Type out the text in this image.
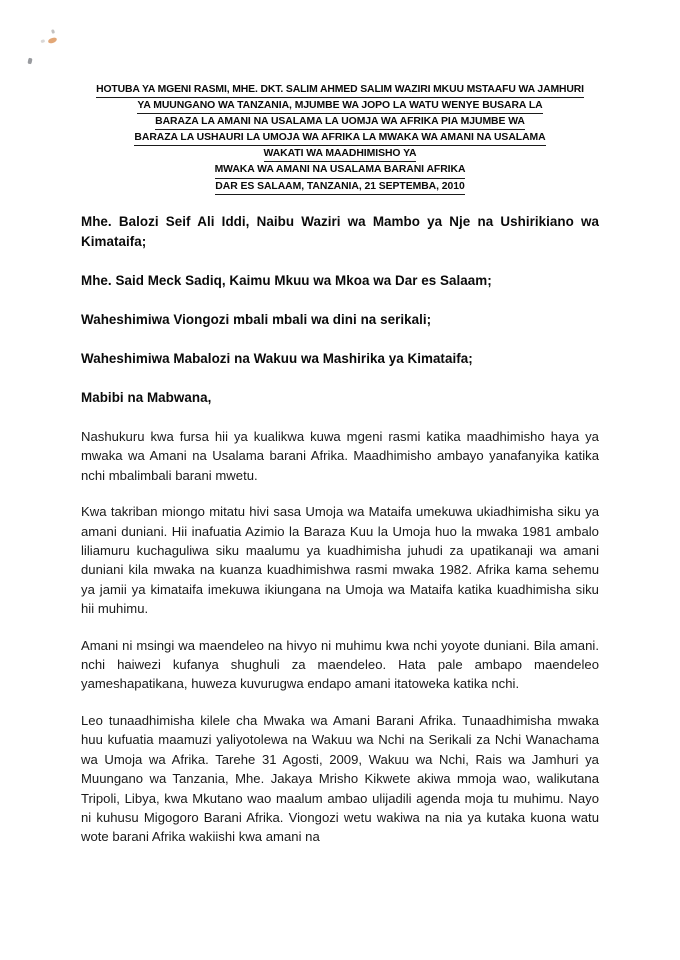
HOTUBA YA MGENI RASMI, MHE. DKT. SALIM AHMED SALIM WAZIRI MKUU MSTAAFU WA JAMHURI
YA MUUNGANO WA TANZANIA, MJUMBE WA JOPO LA WATU WENYE BUSARA LA
BARAZA LA AMANI NA USALAMA LA UOMJA WA AFRIKA PIA MJUMBE WA
BARAZA LA USHAURI LA UMOJA WA AFRIKA LA MWAKA WA AMANI NA USALAMA
WAKATI WA MAADHIMISHO YA
MWAKA WA AMANI NA USALAMA BARANI AFRIKA
DAR ES SALAAM, TANZANIA, 21 SEPTEMBA, 2010

Mhe. Balozi Seif Ali Iddi, Naibu Waziri wa Mambo ya Nje na Ushirikiano wa Kimataifa;

Mhe. Said Meck Sadiq, Kaimu Mkuu wa Mkoa wa Dar es Salaam;

Waheshimiwa Viongozi mbali mbali wa dini na serikali;

Waheshimiwa Mabalozi na Wakuu wa Mashirika ya Kimataifa;

Mabibi na Mabwana,

Nashukuru kwa fursa hii ya kualikwa kuwa mgeni rasmi katika maadhimisho haya ya mwaka wa Amani na Usalama barani Afrika. Maadhimisho ambayo yanafanyika katika nchi mbalimbali barani mwetu.

Kwa takriban miongo mitatu hivi sasa Umoja wa Mataifa umekuwa ukiadhimisha siku ya amani duniani. Hii inafuatia Azimio la Baraza Kuu la Umoja huo la mwaka 1981 ambalo liliamuru kuchaguliwa siku maalumu ya kuadhimisha juhudi za upatikanaji wa amani duniani kila mwaka na kuanza kuadhimishwa rasmi mwaka 1982. Afrika kama sehemu ya jamii ya kimataifa imekuwa ikiungana na Umoja wa Mataifa katika kuadhimisha siku hii muhimu.

Amani ni msingi wa maendeleo na hivyo ni muhimu kwa nchi yoyote duniani. Bila amani. nchi haiwezi kufanya shughuli za maendeleo. Hata pale ambapo maendeleo yameshapatikana, huweza kuvurugwa endapo amani itatoweka katika nchi.

Leo tunaadhimisha kilele cha Mwaka wa Amani Barani Afrika. Tunaadhimisha mwaka huu kufuatia maamuzi yaliyotolewa na Wakuu wa Nchi na Serikali za Nchi Wanachama wa Umoja wa Afrika. Tarehe 31 Agosti, 2009, Wakuu wa Nchi, Rais wa Jamhuri ya Muungano wa Tanzania, Mhe. Jakaya Mrisho Kikwete akiwa mmoja wao, walikutana Tripoli, Libya, kwa Mkutano wao maalum ambao ulijadili agenda moja tu muhimu. Nayo ni kuhusu Migogoro Barani Afrika. Viongozi wetu wakiwa na nia ya kutaka kuona watu wote barani Afrika wakiishi kwa amani na
